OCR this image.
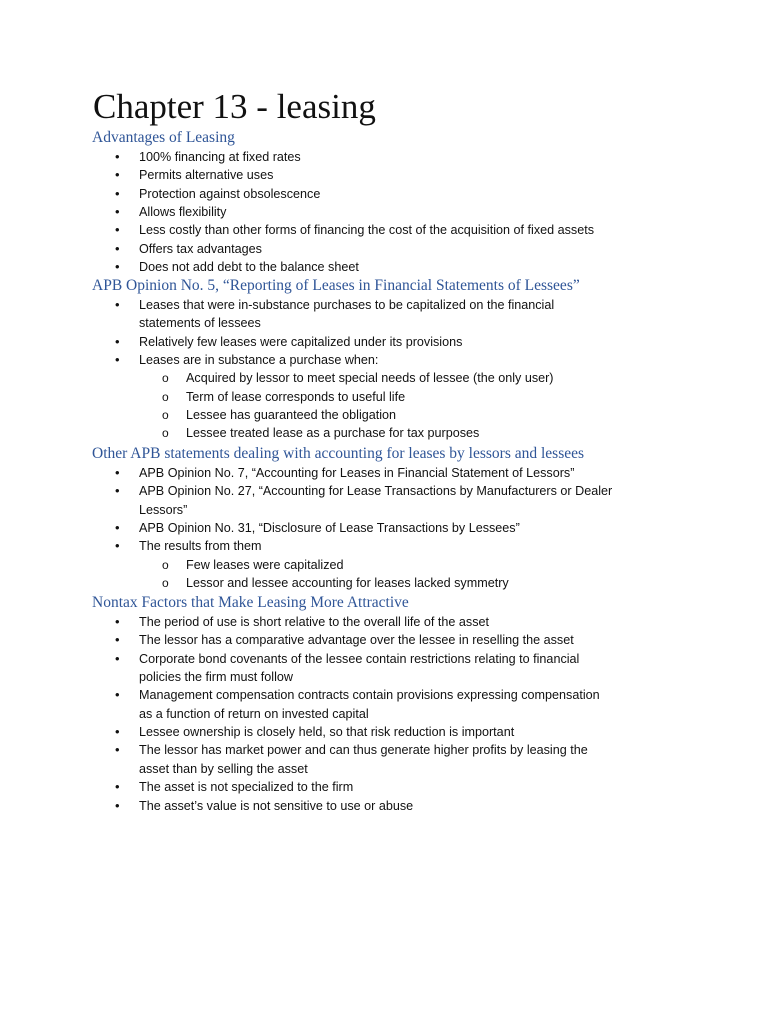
Chapter 13 - leasing
Advantages of Leasing
• 100% financing at fixed rates

• Permits alternative uses

• Protection against obsolescence

• Allows flexibility

• Less costly than other forms of financing the cost of the acquisition of fixed assets

• Offers tax advantages

• Does not add debt to the balance sheet

APB Opinion No. 5, “Reporting of Leases in Financial Statements of Lessees”
• Leases that were in-substance purchases to be capitalized on the financial

statements of lessees

• Relatively few leases were capitalized under its provisions

• Leases are in substance a purchase when:

o Acquired by lessor to meet special needs of lessee (the only user)

o Term of lease corresponds to useful life

o Lessee has guaranteed the obligation

o Lessee treated lease as a purchase for tax purposes

Other APB statements dealing with accounting for leases by lessors and lessees
• APB Opinion No. 7, “Accounting for Leases in Financial Statement of Lessors”

• APB Opinion No. 27, “Accounting for Lease Transactions by Manufacturers or Dealer

Lessors”

• APB Opinion No. 31, “Disclosure of Lease Transactions by Lessees”

• The results from them

o Few leases were capitalized

o Lessor and lessee accounting for leases lacked symmetry

Nontax Factors that Make Leasing More Attractive
• The period of use is short relative to the overall life of the asset

• The lessor has a comparative advantage over the lessee in reselling the asset

• Corporate bond covenants of the lessee contain restrictions relating to financial

policies the firm must follow

• Management compensation contracts contain provisions expressing compensation

as a function of return on invested capital

• Lessee ownership is closely held, so that risk reduction is important

• The lessor has market power and can thus generate higher profits by leasing the

asset than by selling the asset

• The asset is not specialized to the firm

• The asset’s value is not sensitive to use or abuse
